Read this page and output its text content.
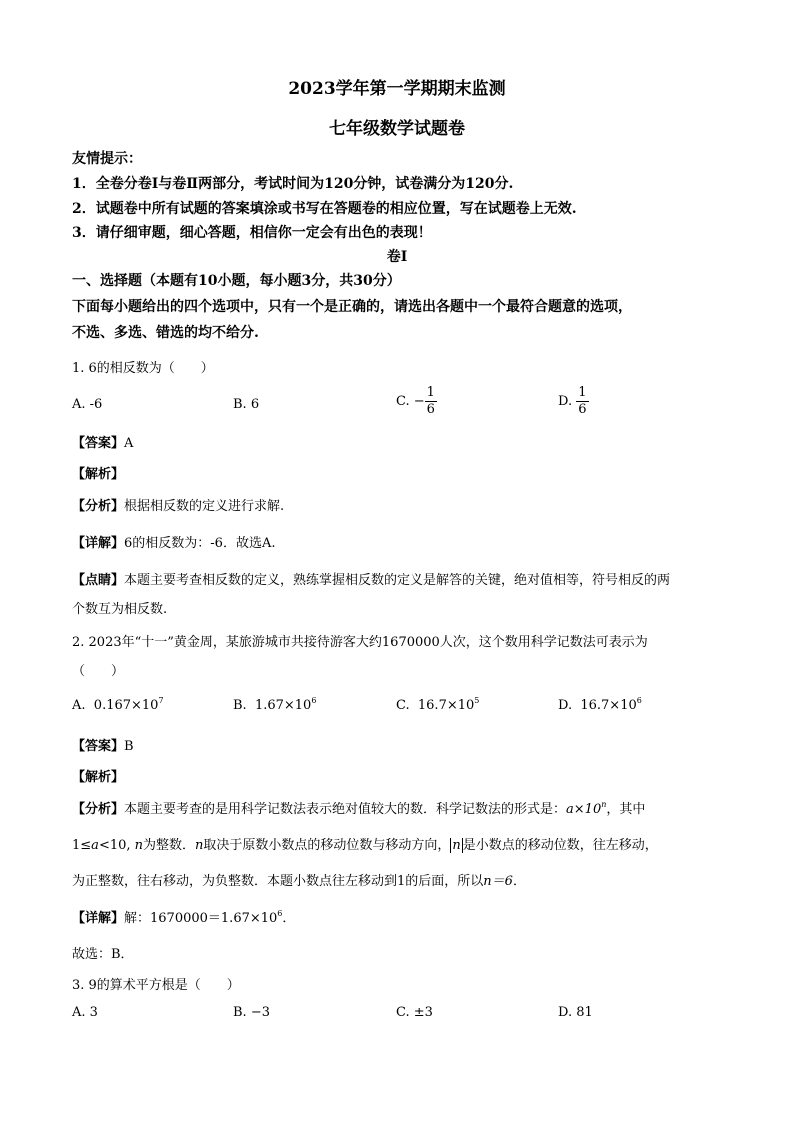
2023学年第一学期期末监测
七年级数学试题卷
友情提示：
1．全卷分卷Ⅰ与卷Ⅱ两部分，考试时间为120分钟，试卷满分为120分.
2．试题卷中所有试题的答案填涂或书写在答题卷的相应位置，写在试题卷上无效.
3．请仔细审题，细心答题，相信你一定会有出色的表现！
卷Ⅰ
一、选择题（本题有10小题，每小题3分，共30分）
下面每小题给出的四个选项中，只有一个是正确的，请选出各题中一个最符合题意的选项，
不选、多选、错选的均不给分.
1. 6的相反数为（　　）
A. -6	B. 6	C. − $\frac{1}{6}$	D. $\frac{1}{6}$
【答案】A
【解析】
【分析】根据相反数的定义进行求解.
【详解】6的相反数为：-6．故选A.
【点睛】本题主要考查相反数的定义，熟练掌握相反数的定义是解答的关键，绝对值相等，符号相反的两
个数互为相反数.
2. 2023年“十一”黄金周，某旅游城市共接待游客大约1670000人次，这个数用科学记数法可表示为
（　　）
A. $0.167\times 10^7$	B. $1.67\times 10^6$	C. $16.7\times 10^5$	D. $16.7\times 10^6$
【答案】B
【解析】
【分析】本题主要考查的是用科学记数法表示绝对值较大的数．科学记数法的形式是：$a\times 10^n$，其中
1≤a<10, n为整数．n取决于原数小数点的移动位数与移动方向， n 是小数点的移动位数，往左移动，
为正整数，往右移动，为负整数．本题小数点往左移动到1的后面，所以n＝6．
【详解】解：$1670000=1.67\times 10^6$．
故选：B．
3. 9的算术平方根是（　　）
A. 3	B. −3	C. ±3	D. 81
